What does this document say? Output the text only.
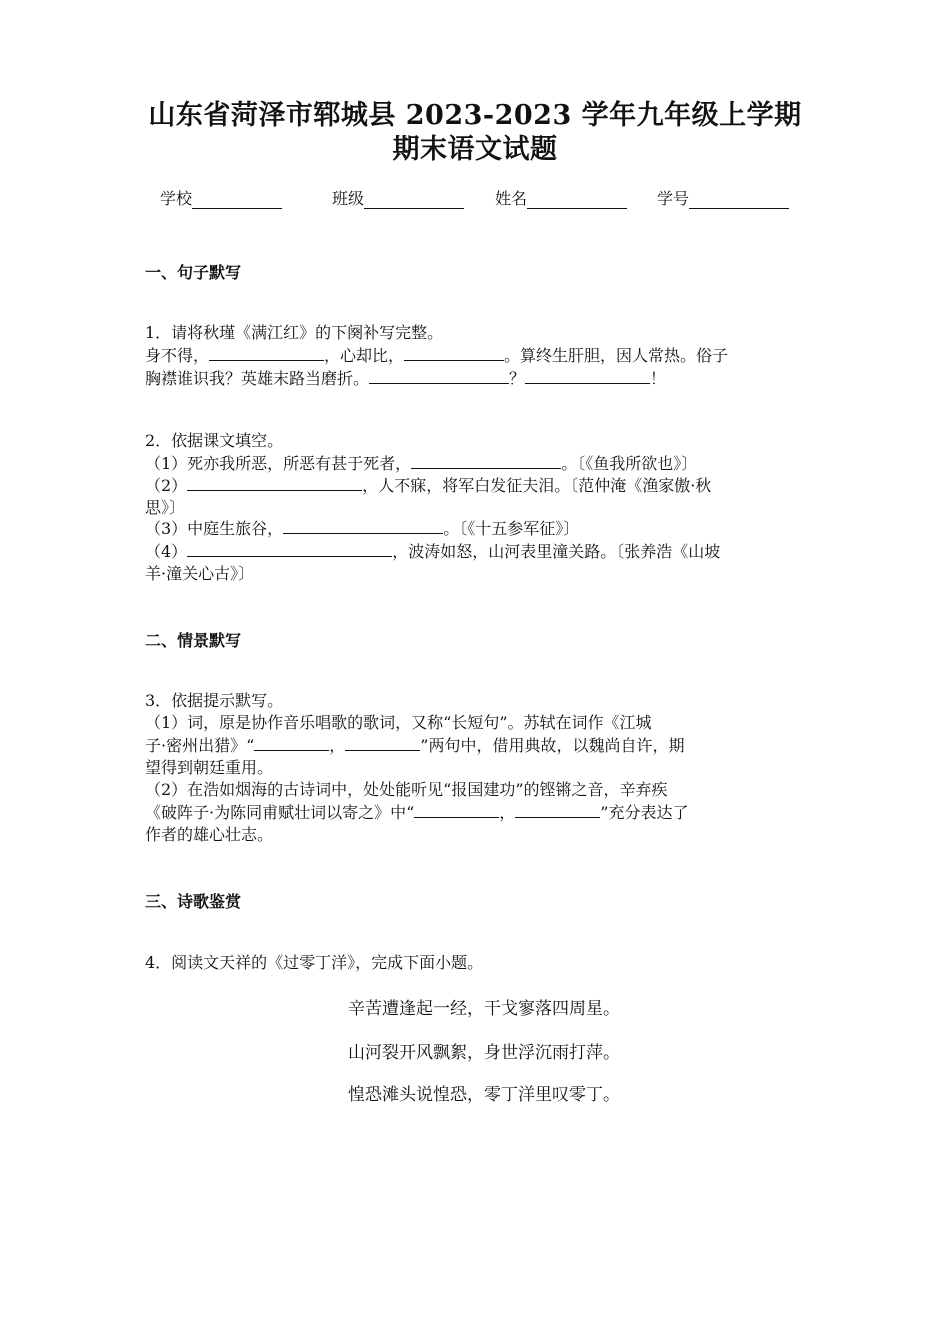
山东省菏泽市郓城县 2023-2023 学年九年级上学期
期末语文试题
学校	班级	姓名	学号
一、句子默写
1．请将秋瑾《满江红》的下阕补写完整。
身不得，	，心却比，	。算终生肝胆，因人常热。俗子
胸襟谁识我？英雄末路当磨折。	？	！
2．依据课文填空。
（1）死亦我所恶，所恶有甚于死者，	。〔《鱼我所欲也》〕
（2）	，人不寐，将军白发征夫泪。〔范仲淹《渔家傲·秋
思》〕
（3）中庭生旅谷，	。〔《十五参军征》〕
（4）	，波涛如怒，山河表里潼关路。〔张养浩《山坡
羊·潼关心古》〕
二、情景默写
3．依据提示默写。
（1）词，原是协作音乐唱歌的歌词，又称“长短句”。苏轼在词作《江城
子·密州出猎》“	，	”两句中，借用典故，以魏尚自许，期
望得到朝廷重用。
（2）在浩如烟海的古诗词中，处处能听见“报国建功”的铿锵之音，辛弃疾
《破阵子·为陈同甫赋壮词以寄之》中“	，	”充分表达了
作者的雄心壮志。
三、诗歌鉴赏
4．阅读文天祥的《过零丁洋》，完成下面小题。
辛苦遭逢起一经，干戈寥落四周星。
山河裂开风飘絮，身世浮沉雨打萍。
惶恐滩头说惶恐，零丁洋里叹零丁。
